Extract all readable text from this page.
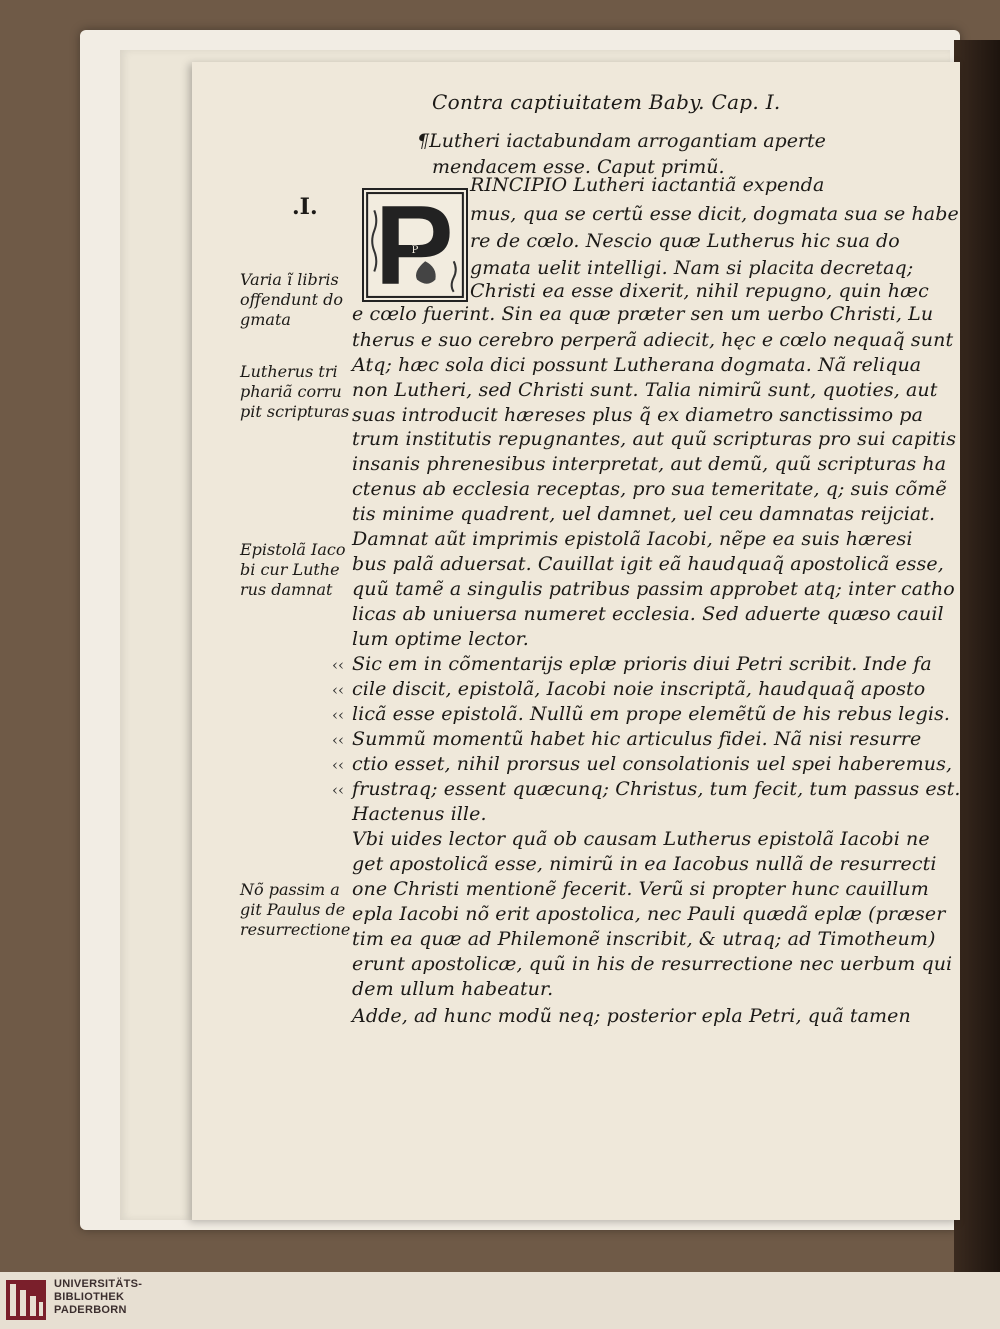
Contra captiuitatem Baby. Cap. I.
¶Lutheri iactabundam arrogantiam aperte
mendacem esse. Caput primũ.
.I.
P
RINCIPIO Lutheri iactantiã expenda
mus, qua se certũ esse dicit, dogmata sua se habe
re de cœlo. Nescio quæ Lutherus hic sua do
gmata uelit intelligi. Nam si placita decretaq;
Christi ea esse dixerit, nihil repugno, quin hæc
e cœlo fuerint. Sin ea quæ præter sen um uerbo Christi, Lu
therus e suo cerebro perperã adiecit, hęc e cœlo nequaq̃ sunt
Atq; hæc sola dici possunt Lutherana dogmata. Nã reliqua
non Lutheri, sed Christi sunt. Talia nimirũ sunt, quoties, aut
suas introducit hæreses plus q̃ ex diametro sanctissimo pa
trum institutis repugnantes, aut quũ scripturas pro sui capitis
insanis phrenesibus interpretat, aut demũ, quũ scripturas ha
ctenus ab ecclesia receptas, pro sua temeritate, q; suis cõmẽ
tis minime quadrent, uel damnet, uel ceu damnatas reijciat.
Damnat aũt imprimis epistolã Iacobi, nẽpe ea suis hæresi
bus palã aduersat. Cauillat igit eã haudquaq̃ apostolicã esse,
quũ tamẽ a singulis patribus passim approbet atq; inter catho
licas ab uniuersa numeret ecclesia. Sed aduerte quæso cauil
lum optime lector.
Sic em in cõmentarijs eplæ prioris diui Petri scribit. Inde fa
cile discit, epistolã, Iacobi noie inscriptã, haudquaq̃ aposto
licã esse epistolã. Nullũ em prope elemẽtũ de his rebus legis.
Summũ momentũ habet hic articulus fidei. Nã nisi resurre
ctio esset, nihil prorsus uel consolationis uel spei haberemus,
frustraq; essent quæcunq; Christus, tum fecit, tum passus est.
Hactenus ille.
Vbi uides lector quã ob causam Lutherus epistolã Iacobi ne
get apostolicã esse, nimirũ in ea Iacobus nullã de resurrecti
one Christi mentionẽ fecerit. Verũ si propter hunc cauillum
epla Iacobi nõ erit apostolica, nec Pauli quædã eplæ (præser
tim ea quæ ad Philemonẽ inscribit, & utraq; ad Timotheum)
erunt apostolicæ, quũ in his de resurrectione nec uerbum qui
dem ullum habeatur.
Adde, ad hunc modũ neq; posterior epla Petri, quã tamen
Varia ĩ libris offendunt do gmata
Lutherus tri phariã corru pit scripturas
Epistolã Iaco bi cur Luthe rus damnat
Nõ passim a git Paulus de resurrectione
‹‹
‹‹
‹‹
‹‹
‹‹
‹‹
UNIVERSITÄTS-
BIBLIOTHEK
PADERBORN
